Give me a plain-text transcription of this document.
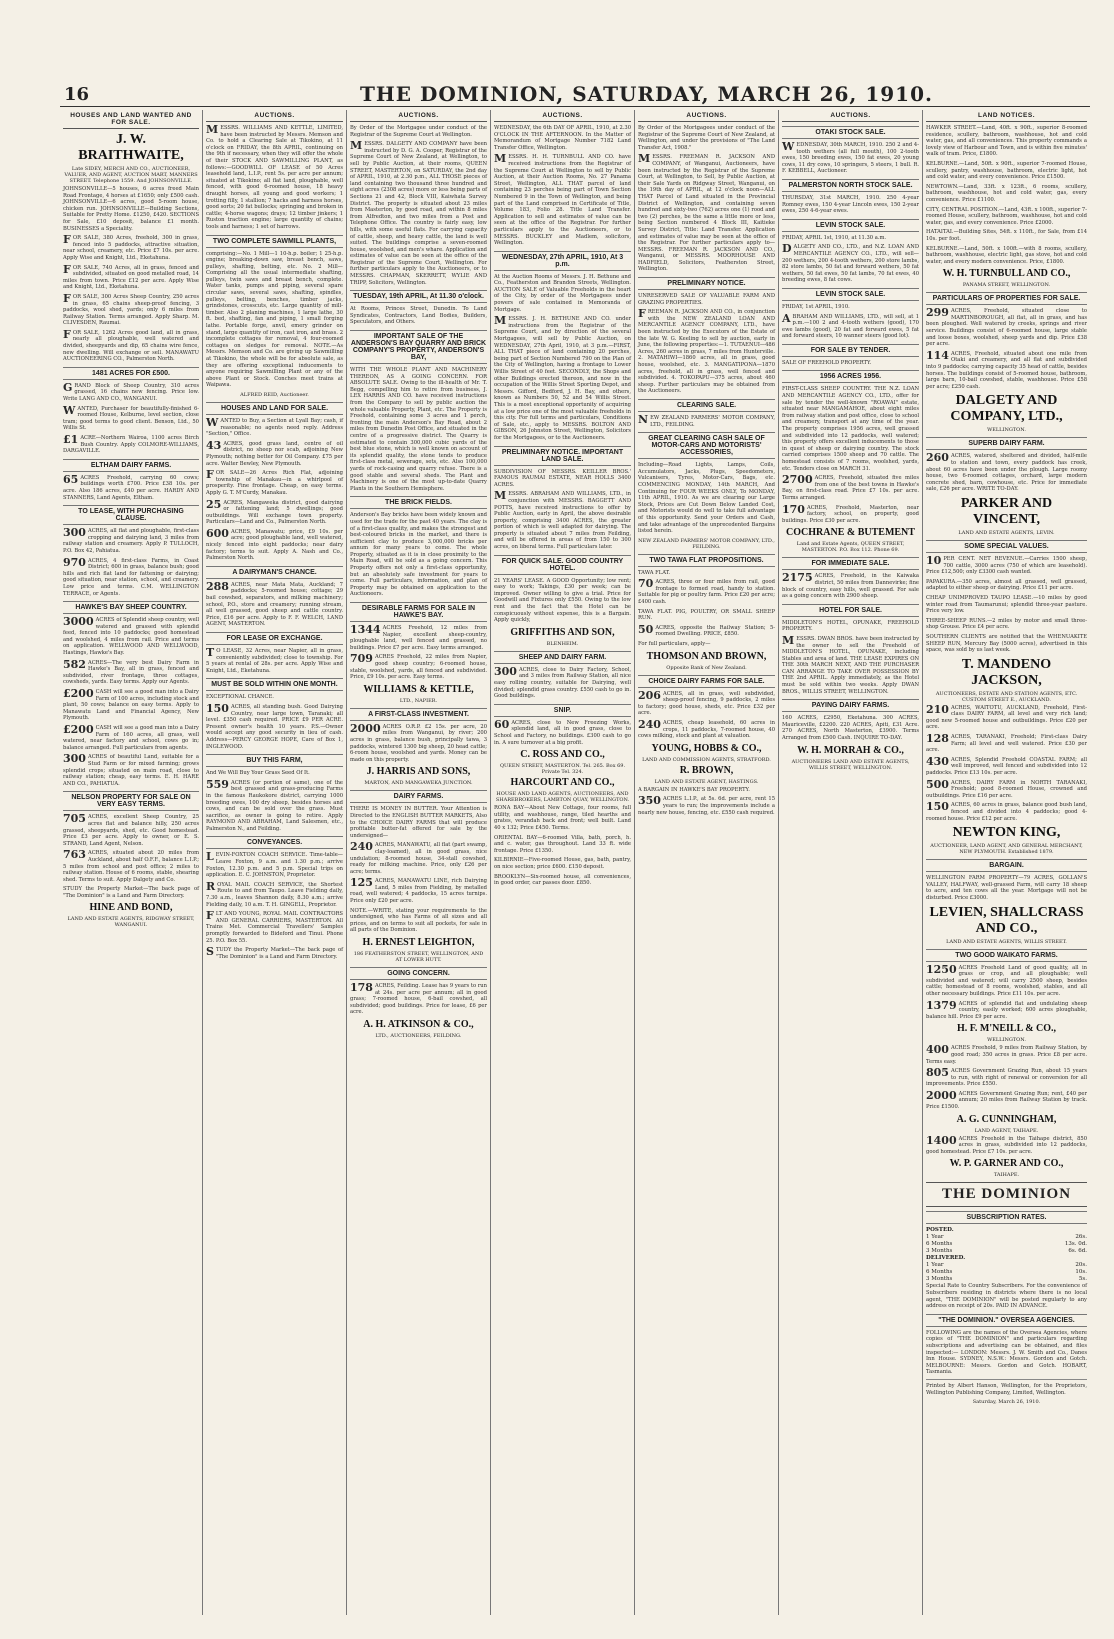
16	THE DOMINION, SATURDAY, MARCH 26, 1910.
HOUSES AND LAND WANTED AND FOR SALE.
J. W. BRAITHWAITE,
Late SIDEY, MERCH AND CO., AUCTIONEER, VALUER, AND AGENT, AUCTION MART, MANNERS STREET. Telephone 1559. And JOHNSONVILLE.
JOHNSONVILLE—5 houses, 6 acres freed Main Road Frontage, 4 horses at £1650; only £500 cash. JOHNSONVILLE—6 acres, good 5-room house, chicken run. JOHNSONVILLE—Building Sections, Suitable for Pretty Home. £1250, £420. SECTIONS for Sale, £10 deposit, balance £1 month. BUSINESSES a Speciality.
FOR SALE, 380 Acres, freehold, 300 in grass, fenced into 5 paddocks, attractive situation, near school, creamery, etc. Price £7 10s. per acre. Apply Wise and Knight, Ltd., Eketahuna.
FOR SALE, 740 Acres, all in grass, fenced and subdivided, situated on good metalled road, 14 miles from town. Price £12 per acre. Apply Wise and Knight, Ltd., Eketahuna.
FOR SALE, 300 Acres Sheep Country, 250 acres in grass, 65 chains sheep-proof fencing, 3 paddocks, wool shed, yards; only 6 miles from Railway Station. Terms arranged. Apply Sharp. M. CLIVESDEN, Raumai.
FOR SALE, 1262 Acres good land, all in grass, nearly all ploughable, well watered and divided, sheepyards and dip, 65 chains wire fence, new dwelling. Will exchange or sell. MANAWATU AUCTIONEERING CO., Palmerston North.
1481 ACRES FOR £500.
GRAND Block of Sheep Country, 310 acres grassed, 16 chains new fencing. Price low. Write LANG AND CO., WANGANUI.
WANTED, Purchaser for beautifully-finished 6-roomed House, Kelburne, level section, close tram; good terms to good client. Benson, Ltd., 50 Willis St.
£1 ACRE—Northern Wairoa, 1100 acres Birch Bush Country. Apply COLMORE-WILLIAMS, DARGAVILLE.
ELTHAM DAIRY FARMS.
65 ACRES Freehold, carrying 60 cows; buildings worth £700. Price £38 10s. per acre. Also 186 acres, £40 per acre. HARDY AND STANNERS, Land Agents, Eltham.
TO LEASE, WITH PURCHASING CLAUSE.
300 ACRES, all flat and ploughable, first-class cropping and dairying land, 3 miles from railway station and creamery. Apply P. TULLOCH, P.O. Box 42, Pahiatua.
970 ACRES, 4 first-class Farms, in Coast District; 600 in grass, balance bush; good hills and rich flat land for fattening or dairying; good situation, near station, school, and creamery. Low price and terms. C.M. WELLINGTON TERRACE, or Agents.
HAWKE'S BAY SHEEP COUNTRY.
3000 ACRES of Splendid sheep country, well watered and grassed with splendid feed, fenced into 10 paddocks; good homestead and woolshed, 4 miles from rail. Price and terms on application. WELLWOOD AND WELLWOOD, Hastings, Hawke's Bay.
582 ACRES—The very best Dairy Farm in Hawke's Bay, all in grass, fenced and subdivided, river frontage, three cottages, cowsheds, yards. Easy terms. Apply our Agents.
£200 CASH will see a good man into a Dairy Farm of 100 acres, including stock and plant, 50 cows; balance on easy terms. Apply to Manawatu Land and Financial Agency, New Plymouth.
£200 CASH will see a good man into a Dairy Farm of 160 acres, all grass, well watered, near factory and school, cows go in; balance arranged. Full particulars from agents.
300 ACRES of beautiful Land, suitable for a Stud Farm or for mixed farming; grows splendid crops; situated on main road, close to railway station; cheap, easy terms. E. H. HARE AND CO., PAHIATUA.
NELSON PROPERTY FOR SALE ON VERY EASY TERMS.
705 ACRES, excellent Sheep Country, 25 acres flat and balance hilly, 250 acres grassed, sheepyards, shed, etc. Good homestead. Price £3 per acre. Apply to owner, or E. S. STRAND, Land Agent, Nelson.
763 ACRES, situated about 20 miles from Auckland, about half O.F.F., balance L.I.P.; 5 miles from school and post office; 2 miles to railway station. House of 6 rooms, stable, shearing shed. Terms to suit. Apply Dalgety and Co.
STUDY the Property Market—The back page of "The Dominion" is a Land and Farm Directory.
HINE AND BOND,
LAND AND ESTATE AGENTS, RIDGWAY STREET, WANGANUI.
AUCTIONS.
MESSRS. WILLIAMS AND KETTLE, LIMITED, have been instructed by Messrs. Memson and Co. to hold a Clearing Sale at Tikokino, at 11 o'clock on FRIDAY, the 8th APRIL, continuing on the 9th if necessary, when they will offer the whole of their STOCK AND SAWMILLING PLANT, as follows:—GOODWILL OF LEASE of 50 Acres leasehold land, L.I.P., rent 5s. per acre per annum; situated at Tikokino; all flat land, ploughable, well fenced, with good 6-roomed house, 18 heavy draught horses, all young and good workers; 1 trotting filly, 1 stallion; 7 hacks and harness horses, good sorts; 20 fat bullocks; springing and broken in cattle; 4-horse wagons; drays; 12 timber jinkers; 1 Ruston traction engine; large quantity of chains; tools and harness; 1 set of harrows.
TWO COMPLETE SAWMILL PLANTS,
comprising:—No. 1 Mill—1 10-h.p. boiler; 1 25-h.p. engine; breaking-down saw, breast bench, saws, pulleys, shafting, belting, etc. No. 2 Mill—Comprising all the usual intermediate shafting, pulleys, twin saws and breast bench, complete. Water tanks, pumps and piping, several spare circular saws, several saws, shafting, spindles, pulleys, belting, benches, timber jacks, grindstones, crosscuts, etc. Large quantity of mill-timber. Also 2 planing machines, 1 large lathe, 30 ft. bed, shafting, fan and piping, 1 small forging lathe. Portable forge, anvil, emery grinder on stand, large quantity of iron, cast iron, and brass. 2 incomplete cottages for removal, 4 four-roomed cottages on sledges for removal. NOTE.—As Messrs. Memson and Co. are giving up Sawmilling at Tikokino, the whole will be for absolute sale, as they are offering exceptional inducements to anyone requiring Sawmilling Plant or any of the above Plant or Stock. Conches meet trains at Waipawa.
ALFRED REID, Auctioneer.
HOUSES AND LAND FOR SALE.
WANTED to Buy, a Section at Lyall Bay; cash, if reasonable; no agents need reply. Address "Section," Office.
43 ACRES, good grass land, centre of oil district, no sheep nor scab, adjoining New Plymouth; nothing better for Oil Company. £75 per acre. Walter Bewley, New Plymouth.
FOR SALE—26 Acres Rich Flat, adjoining township of Manakau—in a whirlpool of prosperity. Fine frontage. Cheap, on easy terms. Apply G. T. M'Curdy, Manakau.
25 ACRES, Mangaweka district, good dairying or fattening land; 5 dwellings; good outbuildings. Will exchange town property. Particulars—Land and Co., Palmerston North.
600 ACRES, Manawatu; price, £9 10s. per acre; good ploughable land, well watered, nicely fenced into eight paddocks; near dairy factory; terms to suit. Apply A. Nash and Co., Palmerston North.
A DAIRYMAN'S CHANCE.
288 ACRES, near Mata Mata, Auckland; 7 paddocks; 5-roomed house; cottage; 29 bail cowshed, separators, and milking machinery; school, P.O., store and creamery; running stream, all well grassed, good sheep and cattle country. Price, £16 per acre. Apply to F. F. WELCH, LAND AGENT, MASTERTON.
FOR LEASE OR EXCHANGE.
T O LEASE, 32 Acres, near Napier, all in grass, conveniently subdivided; close to township. For 5 years at rental of 28s. per acre. Apply Wise and Knight, Ltd., Eketahuna.
MUST BE SOLD WITHIN ONE MONTH.
EXCEPTIONAL CHANCE.
150 ACRES, all standing bush. Good Dairying Country, near large town, Taranaki; all level. £350 cash required. PRICE £9 PER ACRE. Present owner's health 10 years. P.S.—Owner would accept any good security in lieu of cash. Address—PERCY GEORGE HOPE, Care of Box 1, INGLEWOOD.
BUY THIS FARM,
And We Will Buy Your Grass Seed Of It.
559 ACRES (or portion of same), one of the best grassed and grass-producing Farms in the famous Raukokore district, carrying 1000 breeding ewes, 100 dry sheep, besides horses and cows, and can be sold over the grass. Must sacrifice, as owner is going to retire. Apply RAYMOND AND ABRAHAM, Land Salesmen, etc., Palmerston N., and Feilding.
CONVEYANCES.
LEVIN-FOXTON COACH SERVICE. Time-table—Leave Foxton, 9 a.m. and 1.30 p.m.; arrive Foxton, 12.30 p.m. and 5 p.m. Special trips on application. E. C. JOHNSTON, Proprietor.
ROYAL MAIL COACH SERVICE, the Shortest Route to and from Taupo. Leave Fielding daily, 7.30 a.m., leaves Shannon daily, 8.30 a.m.; arrive Fielding daily, 10 a.m. T. H. GINGELL, Proprietor.
FLT AND YOUNG, ROYAL MAIL CONTRACTORS AND GENERAL CARRIERS, MASTERTON. All Trains Met. Commercial Travellers' Samples promptly forwarded to Bideford and Tinui. Phone 25. P.O. Box 55.
STUDY the Property Market—The back page of "The Dominion" is a Land and Farm Directory.
AUCTIONS.
By Order of the Mortgagee under conduct of the Registrar of the Supreme Court at Wellington.
MESSRS. DALGETY AND COMPANY have been instructed by D. G. A. Cooper, Registrar of the Supreme Court of New Zealand, at Wellington, to sell by Public Auction, at their rooms, QUEEN STREET, MASTERTON, on SATURDAY, the 2nd day of APRIL, 1910, at 2.30 p.m., ALL THOSE pieces of land containing two thousand three hundred and eight acres (2308 acres) more or less being parts of Sections 21 and 42, Block VIII, Kaiwhata Survey District. The property is situated about 23 miles from Masterton, by good road, and within 8 miles from Alfredton, and two miles from a Post and Telephone Office. The country is fairly easy, low hills, with some useful flats. For carrying capacity of cattle, sheep, and heavy cattle, the land is well suited. The buildings comprise a seven-roomed house, woolshed, and men's whare. Application and estimates of value can be seen at the office of the Registrar of the Supreme Court, Wellington. For further particulars apply to the Auctioneers, or to MESSRS. CHAPMAN, SKERRETT, WYLIE AND TRIPP, Solicitors, Wellington.
TUESDAY, 19th APRIL, At 11.30 o'clock.
At Rooms, Princes Street, Dunedin. To Land Syndicates, Contractors, Land Bodies, Builders, Speculators, and Others.
IMPORTANT SALE OF THE ANDERSON'S BAY QUARRY AND BRICK COMPANY'S PROPERTY, ANDERSON'S BAY,
WITH THE WHOLE PLANT AND MACHINERY THEREON, AS A GOING CONCERN. FOR ABSOLUTE SALE. Owing to the ill-health of Mr. T. Begg, compelling him to retire from business, J. LEX HARRIS AND CO. have received instructions from the Company to sell by public auction the whole valuable Property, Plant, etc. The Property is Freehold, containing some 3 acres and 1 perch, fronting the main Anderson's Bay Road, about 2 miles from Dunedin Post Office, and situated in the centre of a progressive district. The Quarry is estimated to contain 300,000 cubic yards of the best blue stone, which is well known on account of its splendid quality, the stone tends to produce first-class metal, sewerage, sets, etc. Also 100,000 yards of rock-casing and quarry refuse. There is a good stable and several sheds. The Plant and Machinery is one of the most up-to-date Quarry Plants in the Southern Hemisphere.
THE BRICK FIELDS.
Anderson's Bay bricks have been widely known and used for the trade for the past 40 years. The clay is of a first-class quality, and makes the strongest and best-coloured bricks in the market, and there is sufficient clay to produce 3,000,000 bricks per annum for many years to come. The whole Property, situated as it is in close proximity to the Main Road, will be sold as a going concern. This Property offers not only a first-class opportunity, but an absolutely safe investment for years to come. Full particulars, information, and plan of Property may be obtained on application to the Auctioneers.
DESIRABLE FARMS FOR SALE IN HAWKE'S BAY.
1344 ACRES Freehold, 12 miles from Napier, excellent sheep-country, ploughable land, well fenced and grassed, no buildings. Price £7 per acre. Easy terms arranged.
709 ACRES Freehold, 22 miles from Napier, good sheep country; 6-roomed house, stable, woolshed, yards, all fenced and subdivided. Price, £9 10s. per acre. Easy terms.
WILLIAMS & KETTLE,
LTD., NAPIER.
A FIRST-CLASS INVESTMENT.
2000 ACRES O.R.P. £2 15s. per acre, 20 miles from Wanganui, by river; 200 acres in grass, balance bush, principally tawa, 3 paddocks, wintered 1300 big sheep, 20 head cattle; 6-room house, woolshed and yards. Money can be made on this property.
J. HARRIS AND SONS,
MARTON, AND MANGAWEKA JUNCTION.
DAIRY FARMS.
THERE IS MONEY IN BUTTER. Your Attention is Directed to the ENGLISH BUTTER MARKETS, Also to the CHOICE DAIRY FARMS that will produce profitable butter-fat offered for sale by the undersigned—
240 ACRES, MANAWATU, all flat (part swamp, clay-loamed), all in good grass, nice undulation; 8-roomed house, 34-stall cowshed, ready for milking machine. Price, only £26 per acre; terms.
125 ACRES, MANAWATU LINE, rich Dairying Land, 5 miles from Fielding, by metalled road, well watered; 4 paddocks, 15 acres turnips. Price only £20 per acre.
NOTE.—WRITE, stating your requirements to the undersigned, who has Farms of all sizes and all prices, and on terms to suit all pockets, for sale in all parts of the Dominion.
H. ERNEST LEIGHTON,
186 FEATHERSTON STREET, WELLINGTON, AND AT LOWER HUTT.
GOING CONCERN.
178 ACRES, Feilding. Lease has 9 years to run at 24s. per acre per annum; all in good grass; 7-roomed house, 6-bail cowshed, all subdivided; good buildings. Price for lease, £6 per acre.
A. H. ATKINSON & CO.,
LTD., AUCTIONEERS, FEILDING.
AUCTIONS.
WEDNESDAY, the 6th DAY OF APRIL, 1910, at 2.30 O'CLOCK IN THE AFTERNOON. In the Matter of Memorandum of Mortgage Number 7182 Land Transfer Office, Wellington.
MESSRS. H. H. TURNBULL AND CO. have received instructions from the Registrar of the Supreme Court at Wellington to sell by Public Auction, at their Auction Rooms, No. 27 Panama Street, Wellington, ALL THAT parcel of land containing 23 perches being part of Town Section Numbered 9 in the Town of Wellington, and being part of the Land comprised in Certificate of Title, Volume 183, Folio 28. Title Land Transfer. Application to sell and estimates of value can be seen at the office of the Registrar. For further particulars apply to the Auctioneers, or to MESSRS. BUCKLEY and Madlem, solicitors, Wellington.
WEDNESDAY, 27th APRIL, 1910, At 3 p.m.
At the Auction Rooms of Messrs. J. H. Bethune and Co., Featherston and Brandon Streets, Wellington. AUCTION SALE of Valuable Freeholds in the heart of the City, by order of the Mortgagees under powers of sale contained in Memoranda of Mortgage.
MESSRS. J. H. BETHUNE AND CO. under instructions from the Registrar of the Supreme Court, and by direction of the several Mortgagees, will sell by Public Auction, on WEDNESDAY, 27th April, 1910, at 3 p.m.—FIRST, ALL THAT piece of land containing 20 perches, being part of Section Numbered 790 on the Plan of the City of Wellington, having a frontage to Lower Willis Street of 40 feet. SECONDLY, the Shops and other Buildings erected thereon, and now in the occupation of the Willis Street Sporting Depot, and Messrs. Gifford, Bedford, J. H. Bay, and others, known as Numbers 50, 52 and 54 Willis Street. This is a most exceptional opportunity of acquiring at a low price one of the most valuable freeholds in this city. For full terms and particulars, Conditions of Sale, etc., apply to MESSRS. BOLTON AND GIBSON, 26 Johnston Street, Wellington, Solicitors for the Mortgagees, or to the Auctioneers.
PRELIMINARY NOTICE. IMPORTANT LAND SALE.
SUBDIVISION OF MESSRS. KEILLER BROS.' FAMOUS RAUMAI ESTATE, NEAR HOLLS 3400 ACRES.
MESSRS. ABRAHAM AND WILLIAMS, LTD., in conjunction with MESSRS. BAGGETT AND POTTS, have received instructions to offer by Public Auction, early in April, the above desirable property, comprising 3400 ACRES, the greater portion of which is well adapted for dairying. The property is situated about 7 miles from Feilding, and will be offered in areas of from 150 to 300 acres, on liberal terms. Full particulars later.
FOR QUICK SALE. GOOD COUNTRY HOTEL.
21 YEARS' LEASE. A GOOD Opportunity; low rent; easy to work; Takings, £30 per week; can be improved. Owner willing to give a trial. Price for Goodwill and Fixtures only £550. Owing to the low rent and the fact that the Hotel can be conspicuously without expense, this is a Bargain. Apply quickly,
GRIFFITHS AND SON,
BLENHEIM.
SHEEP AND DAIRY FARM.
300 ACRES, close to Dairy Factory, School, and 3 miles from Railway Station, all nice easy rolling country, suitable for Dairying, well divided; splendid grass country. £550 cash to go in. Good buildings.
SNIP.
60 ACRES, close to New Freezing Works, splendid land, all in good grass, close to School and Factory, no buildings. £300 cash to go in. A sure turnover at a big profit.
C. ROSS AND CO.,
QUEEN STREET, MASTERTON. Tel. 265. Box 69. Private Tel. 324.
HARCOURT AND CO.,
HOUSE AND LAND AGENTS, AUCTIONEERS, AND SHAREBROKERS, LAMBTON QUAY, WELLINGTON.
RONA BAY—About New Cottage, four rooms, full utility, and washhouse, range, tiled hearths and grates, verandah back and front; well built. Land 40 x 132; Price £450. Terms.
ORIENTAL BAY—6-roomed Villa, bath, porch, h. and c. water, gas throughout. Land 33 ft. wide frontage. Price £1350.
KILBIRNIE—Five-roomed House, gas, bath, pantry, on nice section; price £600. £150 deposit.
BROOKLYN—Six-roomed house, all conveniences, in good order, car passes door. £850.
AUCTIONS.
By Order of the Mortgagees under conduct of the Registrar of the Supreme Court of New Zealand, at Wellington, and under the provisions of "The Land Transfer Act, 1908."
MESSRS. FREEMAN R. JACKSON AND COMPANY, of Wanganui, Auctioneers, have been instructed by the Registrar of the Supreme Court, at Wellington, to Sell, by Public Auction, at their Sale Yards on Ridgway Street, Wanganui, on the 19th day of APRIL, at 12 o'clock noon—ALL THAT Parcel of Land situated in the Provincial District of Wellington, and containing seven hundred and sixty-two (762) acres one (1) rood and two (2) perches, be the same a little more or less, being Section numbered 4 Block III, Kaitieke Survey District, Title: Land Transfer. Application and estimates of value may be seen at the office of the Registrar. For further particulars apply to—MESSRS. FREEMAN R. JACKSON AND CO., Wanganui, or MESSRS. MOORHOUSE AND HADFIELD, Solicitors, Featherston Street, Wellington.
PRELIMINARY NOTICE.
UNRESERVED SALE OF VALUABLE FARM AND GRAZING PROPERTIES.
FREEMAN R. JACKSON AND CO., in conjunction with the NEW ZEALAND LOAN AND MERCANTILE AGENCY COMPANY, LTD., have been instructed by the Executors of the Estate of the late W. G. Keeling to sell by auction, early in June, the following properties:—1. TUTAENUI—486 Acres, 260 acres in grass, 7 miles from Hunterville. 2. MATAHIWI—1860 acres, all in grass, good house, woolshed, etc. 3. MANGATIPONA—1870 acres, freehold, all in grass, well fenced and subdivided. 4. TOKOPAPU—375 acres, about 460 sheep. Further particulars may be obtained from the Auctioneers.
CLEARING SALE.
NEW ZEALAND FARMERS' MOTOR COMPANY, LTD., FEILDING.
GREAT CLEARING CASH SALE OF MOTOR-CARS AND MOTORISTS' ACCESSORIES,
Including—Road Lights, Lamps, Coils, Accumulators, Jacks, Plugs, Speedometers, Vulcanisers, Tyres, Motor-Cars, Bags, etc. COMMENCING MONDAY, 14th MARCH, And Continuing for FOUR WEEKS ONLY, To MONDAY, 11th APRIL, 1910. As we are clearing our Large Stock, Prices are Cut Down Below Landed Cost, and Motorists would do well to take full advantage of this opportunity. Send your Orders and Cash, and take advantage of the unprecedented Bargains listed herein.
NEW ZEALAND FARMERS' MOTOR COMPANY, LTD., FEILDING.
TWO TAWA FLAT PROPOSITIONS.
TAWA FLAT.
70 ACRES, three or four miles from rail, good frontage to formed road, handy to station. Suitable for pig or poultry farm. Price £20 per acre; £400 cash.
TAWA FLAT. PIG, POULTRY, OR SMALL SHEEP RUN.
50 ACRES, opposite the Railway Station; 5-roomed Dwelling. PRICE, £850.
For full particulars, apply—
THOMSON AND BROWN,
Opposite Bank of New Zealand.
CHOICE DAIRY FARMS FOR SALE.
206 ACRES, all in grass, well subdivided, sheep-proof fencing, 9 paddocks, 2 miles to factory; good house, sheds, etc. Price £32 per acre.
240 ACRES, cheap leasehold, 60 acres in crops, 11 paddocks, 7-roomed house, 40 cows milking, stock and plant at valuation.
YOUNG, HOBBS & CO.,
LAND AND COMMISSION AGENTS, STRATFORD.
R. BROWN,
LAND AND ESTATE AGENT, HASTINGS.
A BARGAIN IN HAWKE'S BAY PROPERTY.
350 ACRES L.I.P., at 5s. 6d. per acre, rent 15 years to run; the improvements include a nearly new house, fencing, etc. £550 cash required.
AUCTIONS.
OTAKI STOCK SALE.
WEDNESDAY, 30th MARCH, 1910. 250 2 and 4-tooth wethers (all full mouth), 100 2-tooth ewes, 150 breeding ewes, 150 fat ewes, 20 young cows, 11 dry cows, 10 springers, 5 steers, 1 bull. R. F. KEBBELL, Auctioneer.
PALMERSTON NORTH STOCK SALE.
THURSDAY, 31st MARCH, 1910. 250 4-year Romney ewes, 150 4-year Lincoln ewes, 150 2-year ewes, 250 4-6-year ewes.
LEVIN STOCK SALE.
FRIDAY, APRIL 1st, 1910, at 11.30 a.m.
DALGETY AND CO., LTD., and N.Z. LOAN AND MERCANTILE AGENCY CO., LTD., will sell—200 wethers, 200 4-tooth wethers, 200 store lambs, 82 store lambs, 50 fat and forward wethers, 50 fat wethers, 50 fat ewes, 50 fat lambs, 70 fat ewes, 40 breeding ewes, 8 fat cows.
LEVIN STOCK SALE.
FRIDAY, 1st APRIL, 1910.
ABRAHAM AND WILLIAMS, LTD., will sell, at 1 p.m.—100 2 and 4-tooth wethers (good), 170 ewe lambs (good), 20 fat and forward ewes, 5 fat and forward steers, 10 wanner steers (good lot).
FOR SALE BY TENDER.
SALE OF FREEHOLD PROPERTY.
1956 ACRES 1956.
FIRST-CLASS SHEEP COUNTRY. THE N.Z. LOAN AND MERCANTILE AGENCY CO., LTD., offer for sale by tender the well-known "ROAWAI" estate, situated near MANGAMAHOE, about eight miles from railway station and post office, close to school and creamery, transport at any time of the year. The property comprises 1956 acres, well grassed and subdivided into 12 paddocks, well watered; this property offers excellent inducements to those in quest of sheep or dairying country. The stock carried comprises 1500 sheep and 70 cattle. The homestead consists of 7 rooms, woolshed, yards, etc. Tenders close on MARCH 31.
2700 ACRES, Freehold, situated five miles from one of the best towns in Hawke's Bay, on first-class road. Price £7 10s. per acre. Terms arranged.
170 ACRES, Freehold, Masterton, near factory, school, on property, good buildings. Price £30 per acre.
COCHRANE & BUTEMENT
Land and Estate Agents, QUEEN STREET, MASTERTON. P.O. Box 112. Phone 69.
FOR IMMEDIATE SALE.
2175 ACRES, Freehold, in the Kaiwaka district, 50 miles from Dannevirke; fine block of country, easy hills, well grassed. For sale as a going concern with 2900 sheep.
HOTEL FOR SALE.
MIDDLETON'S HOTEL, OPUNAKE, FREEHOLD PROPERTY.
MESSRS. DWAN BROS. have been instructed by the owner to sell the Freehold of MIDDLETON'S HOTEL, OPUNAKE, including Stables and area of land. THE LEASE EXPIRES ON THE 30th MARCH NEXT, AND THE PURCHASER CAN ARRANGE TO TAKE OVER POSSESSION BY THE 2nd APRIL. Apply immediately, as the Hotel must be sold within two weeks. Apply DWAN BROS., WILLIS STREET, WELLINGTON.
PAYING DAIRY FARMS.
160 ACRES, £2950, Eketahuna. 300 ACRES, Mauriceville, £2200. 220 ACRES, Apiti, £31 Acre. 270 ACRES, North Masterton, £3900. Terms Arranged from £500 Cash. INQUIRE TO-DAY.
W. H. MORRAH & CO.,
AUCTIONEERS LAND AND ESTATE AGENTS, WILLIS STREET, WELLINGTON.
LAND NOTICES.
HAWKER STREET.—Land, 40ft. x 90ft., superior 8-roomed residence, scullery, bathroom, washhouse, hot and cold water, gas, and all conveniences. This property commands a lovely view of Harbour and Town, and is within five minutes' walk of tram. Price, £1800.
KELBURNE.—Land, 50ft. x 90ft., superior 7-roomed House, scullery, pantry, washhouse, bathroom, electric light, hot and cold water, and every convenience. Price £1500.
NEWTOWN.—Land, 33ft. x 123ft., 6 rooms, scullery, bathroom, washhouse, hot and cold water, gas, every convenience. Price £1100.
CITY, CENTRAL POSITION.—Land, 43ft. x 100ft., superior 7-roomed House, scullery, bathroom, washhouse, hot and cold water, gas, and every convenience. Price £2000.
HATAITAI.—Building Sites, 54ft. x 110ft., for Sale, from £14 10s. per foot.
KELBURNE.—Land, 50ft. x 100ft.—with 8 rooms, scullery, bathroom, washhouse, electric light, gas stove, hot and cold water, and every modern convenience. Price, £1800.
W. H. TURNBULL AND CO.,
PANAMA STREET, WELLINGTON.
PARTICULARS OF PROPERTIES FOR SALE.
299 ACRES, Freehold, situated close to MARTINBOROUGH, all flat, all in grass, and has been ploughed. Well watered by creeks, springs and river service. Buildings consist of 6-roomed house, large stable and loose boxes, woolshed, sheep yards and dip. Price £38 per acre.
114 ACRES, Freehold, situated about one mile from Otaki and creamery, and all flat and subdivided into 9 paddocks; carrying capacity 35 head of cattle, besides horses. The buildings consist of 5-roomed house, bathroom, large barn, 10-bail cowshed, stable, washhouse. Price £58 per acre; £250 cash.
DALGETY AND COMPANY, LTD.,
WELLINGTON.
SUPERB DAIRY FARM.
260 ACRES, watered, sheltered and divided, half-mile to station and town, every paddock has creek, about 60 acres have been under the plough. Large roomy house, two 6-roomed cottages, orchard, large modern concrete shed, barn, cowhouse, etc. Price for immediate sale, £26 per acre. WRITE TO-DAY.
PARKER AND VINCENT,
LAND AND ESTATE AGENTS, LEVIN.
SOME SPECIAL VALUES.
10 PER CENT. NET REVENUE.—Carries 1500 sheep, 700 cattle, 3000 acres (750 of which are leasehold). Price £12,500; only £3300 cash wanted.
PAPAKURA.—350 acres, almost all grassed, well grassed, adapted to either sheep or dairying. Price £11 per acre.
CHEAP UNIMPROVED TAUPO LEASE.—10 miles by good winter road from Taumarunui; splendid three-year pasture. Price very low.
THREE-SHEEP RUNS.—2 miles by motor and small three-shop Grouse. Price £4 per acre.
SOUTHERN CLIENTS are notified that the WHENUAKITE SHEEP RUN, Mercury Bay (5000 acres), advertised in this space, was sold by us last week.
T. MANDENO JACKSON,
AUCTIONEERS, ESTATE AND STATION AGENTS, ETC. CUSTOM STREET E., AUCKLAND.
210 ACRES, WAITOTU, AUCKLAND, Freehold, First-class DAIRY FARM, all level and very rich land; good new 5-roomed house and outbuildings. Price £20 per acre.
128 ACRES, TARANAKI, Freehold; First-class Dairy Farm; all level and well watered. Price £30 per acre.
430 ACRES, Splendid Freehold COASTAL FARM; all well improved, well fenced and subdivided into 12 paddocks. Price £13 10s. per acre.
500 ACRES, DAIRY FARM in NORTH TARANAKI, Freehold; good 8-roomed House, crowned and outbuildings. Price £16 per acre.
150 ACRES, 60 acres in grass, balance good bush land, fenced and divided into 4 paddocks; good 4-roomed house. Price £12 per acre.
NEWTON KING,
AUCTIONEER, LAND AGENT, AND GENERAL MERCHANT, NEW PLYMOUTH. Established 1879.
BARGAIN.
WELLINGTON FARM PROPERTY—79 ACRES, GOLLAN'S VALLEY, HALFWAY, well-grassed Farm, will carry 18 sheep to acre, and ten cows all the year. Mortgage will not be disturbed. Price £3000.
LEVIEN, SHALLCRASS AND CO.,
LAND AND ESTATE AGENTS, WILLIS STREET.
TWO GOOD WAIKATO FARMS.
1250 ACRES Freehold Land of good quality, all in grass or crop, and all ploughable; well subdivided and watered; will carry 2500 sheep, besides cattle; homestead of 8 rooms, woolshed, stables, and all other necessary buildings. Price £11 10s. per acre.
1379 ACRES of splendid flat and undulating sheep country, easily worked; 600 acres ploughable, balance hill. Price £9 per acre.
H. F. M'NEILL & CO.,
WELLINGTON.
400 ACRES Freehold, 9 miles from Railway Station, by good road; 350 acres in grass. Price £8 per acre. Terms easy.
805 ACRES Government Grazing Run, about 15 years to run, with right of renewal or conversion for all improvements. Price £550.
2000 ACRES Government Grazing Run; rent, £40 per annum; 20 miles from Railway Station by track. Price £1500.
A. G. CUNNINGHAM,
LAND AGENT, TAIHAPE.
1400 ACRES Freehold in the Taihape district, 850 acres in grass, subdivided into 12 paddocks, good homestead. Price £7 10s. per acre.
W. P. GARNER AND CO.,
TAIHAPE.
THE DOMINION
SUBSCRIPTION RATES.
POSTED.
1 Year	26s.
6 Months	13s. 0d.
3 Months	6s. 6d.
DELIVERED.
1 Year	20s.
6 Months	10s.
3 Months	5s.
Special Rate to Country Subscribers. For the convenience of Subscribers residing in districts where there is no local agent, "THE DOMINION" will be posted regularly to any address on receipt of 20s. PAID IN ADVANCE.
"THE DOMINION." OVERSEA AGENCIES.
FOLLOWING are the names of the Oversea Agencies, where copies of "THE DOMINION" and particulars regarding subscriptions and advertising can be obtained, and files inspected:— LONDON: Messrs. J. W. Smith and Co., Danes Inn House. SYDNEY, N.S.W.: Messrs. Gordon and Gotch. MELBOURNE: Messrs. Gordon and Gotch. HOBART, Tasmania.
Printed by Albert Hanson, Wellington, for the Proprietors, Wellington Publishing Company, Limited, Wellington.
Saturday, March 26, 1910.
